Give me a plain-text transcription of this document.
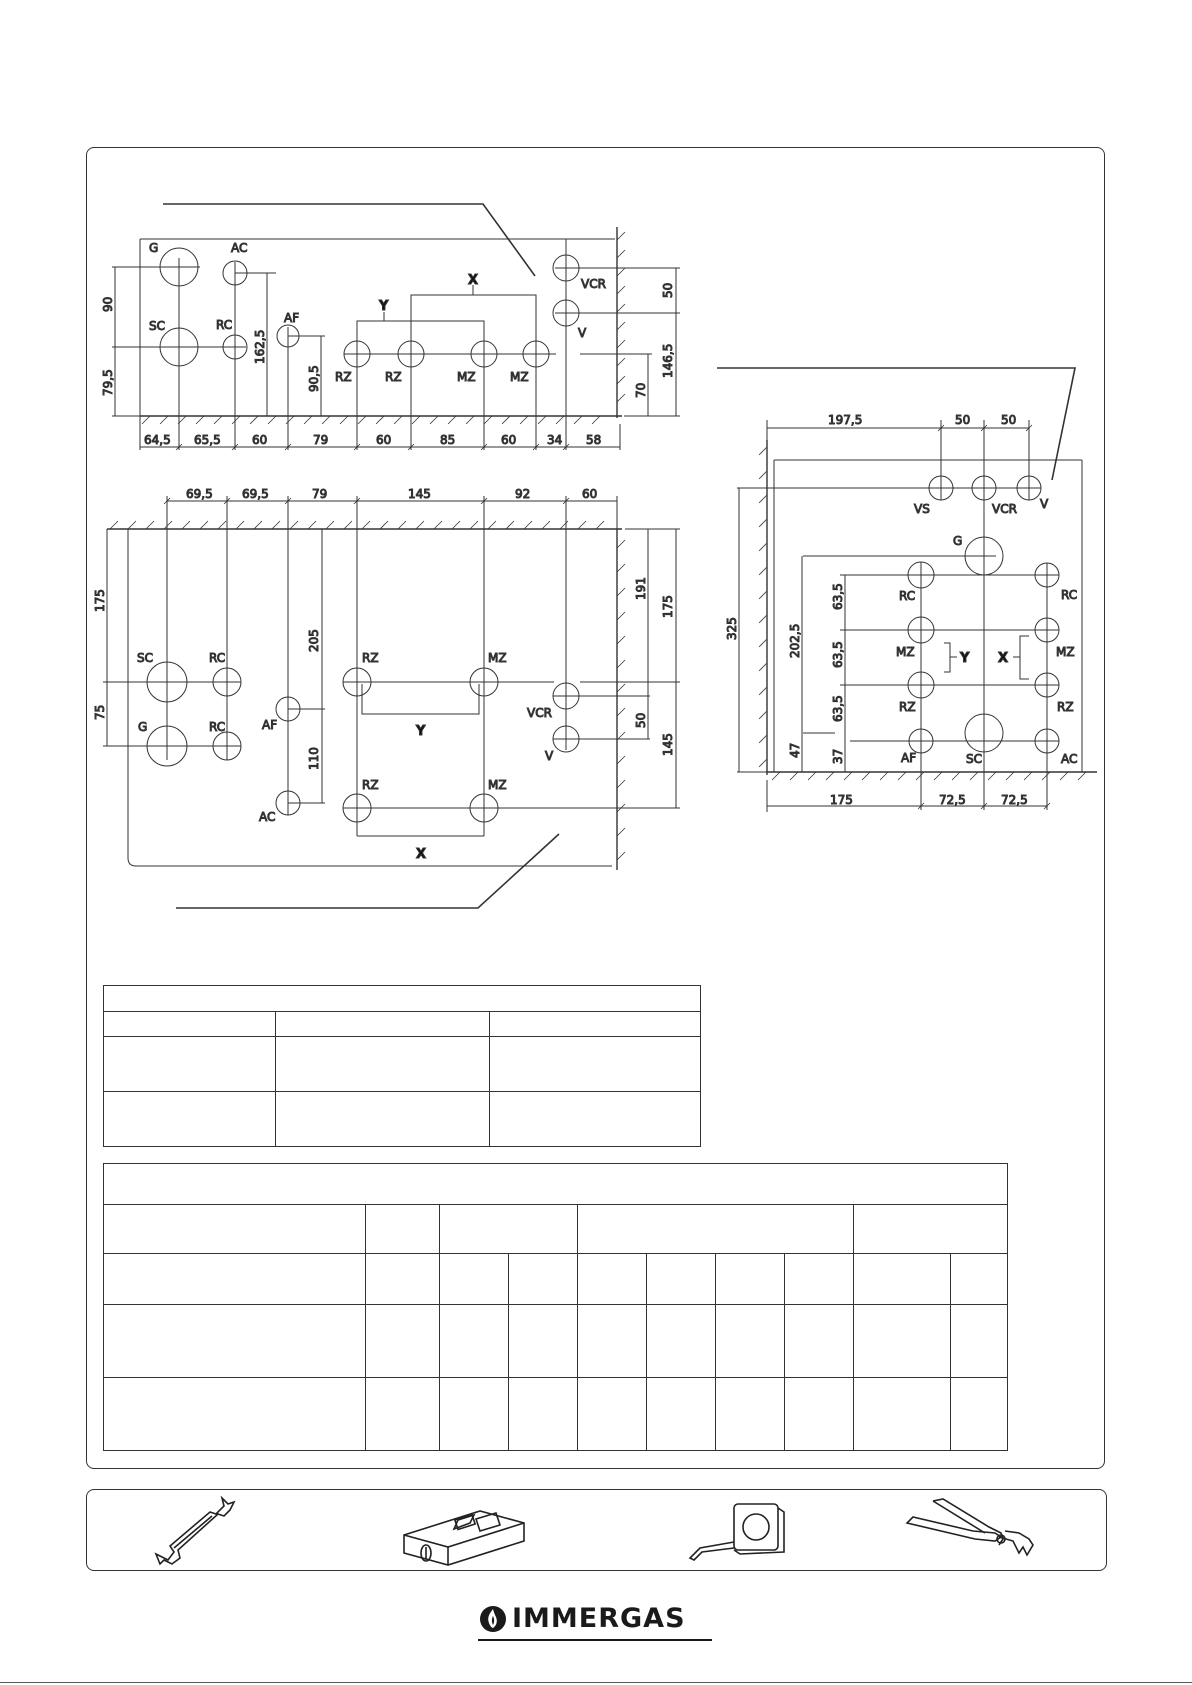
G	AC
SC	RC	AF
RZ	RZ	MZ	MZ
VCR
V
Y
X
64,5 65,5	60	79	60	85	60	34 58
90
79,5
162,5
90,5
50
70
146,5
SC	RC
G	RC	AF
AC
RZ	MZ
RZ	MZ
VCR
V
Y
X
69,5 69,5	79	145	92	60
175
75
205
110
191
175
50
145
VS	VCR V
G
RC	RC
MZ	MZ
RZ	RZ
AF	SC	AC
Y X
197,5	50	50
175	72,5	72,5
325	202,5
63,5
63,5
63,5
47 37

IMMERGAS
